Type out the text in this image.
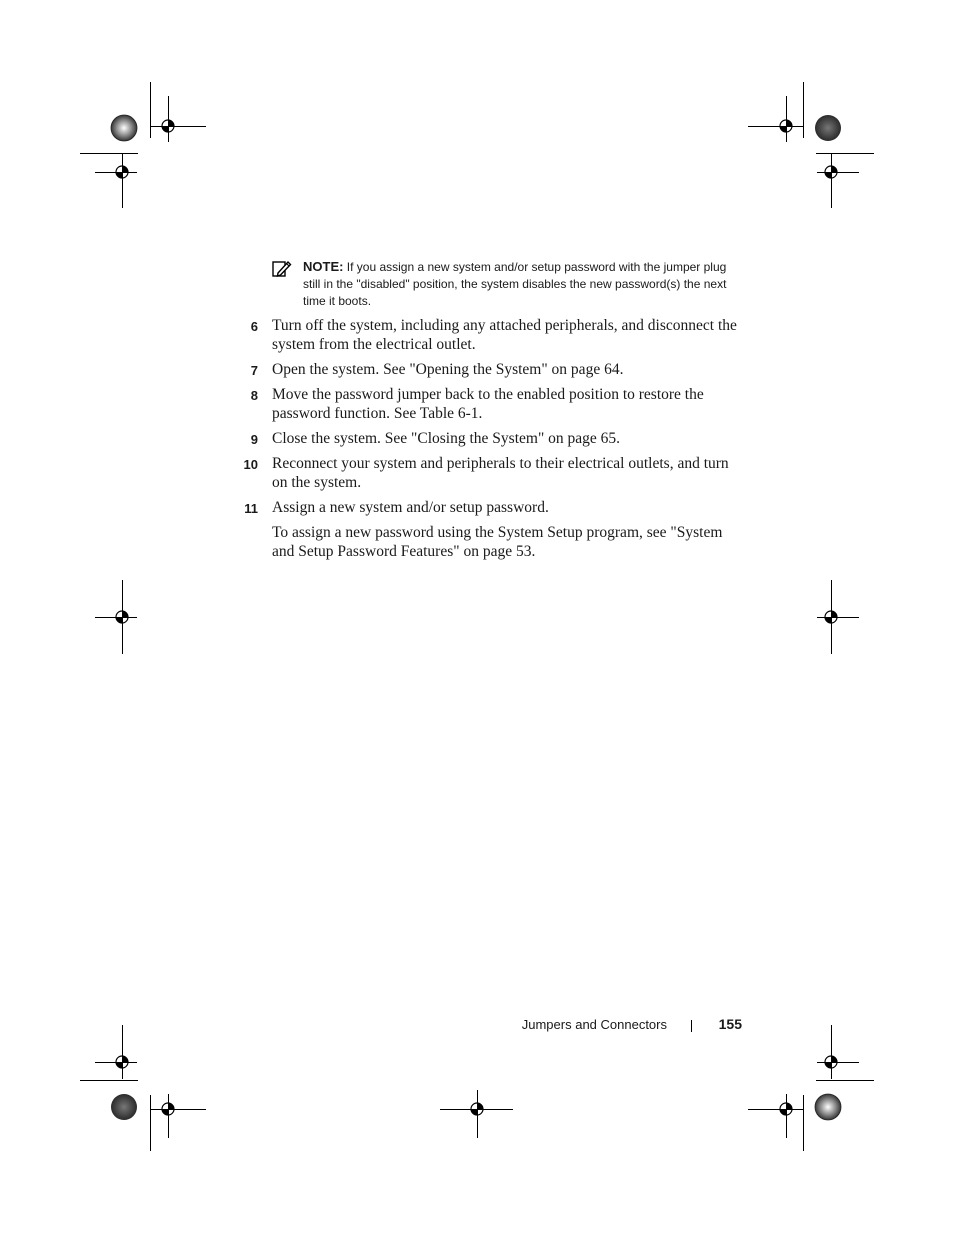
NOTE: If you assign a new system and/or setup password with the jumper plug still in the "disabled" position, the system disables the new password(s) the next time it boots.
6 Turn off the system, including any attached peripherals, and disconnect the system from the electrical outlet.
7 Open the system. See "Opening the System" on page 64.
8 Move the password jumper back to the enabled position to restore the password function. See Table 6-1.
9 Close the system. See "Closing the System" on page 65.
10 Reconnect your system and peripherals to their electrical outlets, and turn on the system.
11 Assign a new system and/or setup password.
To assign a new password using the System Setup program, see "System and Setup Password Features" on page 53.
Jumpers and Connectors	155
